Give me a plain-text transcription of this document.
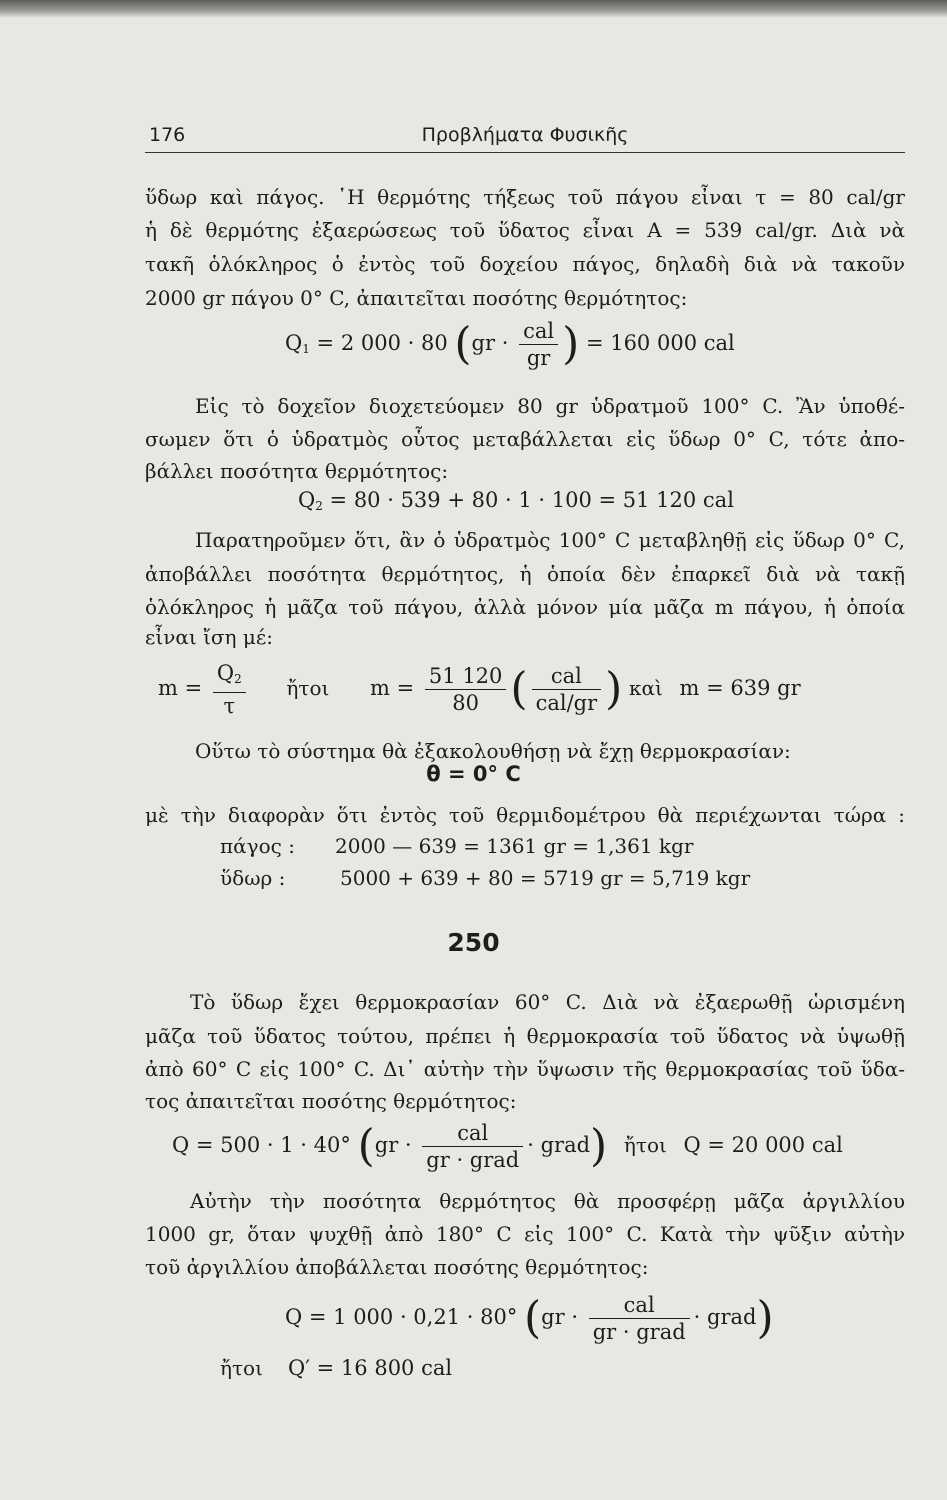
176	Προβλήματα Φυσικῆς
ὕδωρ καὶ πάγος. ῾Η θερμότης τήξεως τοῦ πάγου εἶναι τ = 80 cal/gr
ἡ δὲ θερμότης ἐξαερώσεως τοῦ ὕδατος εἶναι Α = 539 cal/gr. Διὰ νὰ
τακῆ ὁλόκληρος ὁ ἐντὸς τοῦ δοχείου πάγος, δηλαδὴ διὰ νὰ τακοῦν
2000 gr πάγου 0° C, ἀπαιτεῖται ποσότης θερμότητος:
$Q_1 = 2$ 000 · 80 ($gr \cdot \frac{\text{cal}}{gr}$ ) = 160 000 cal
Εἰς τὸ δοχεῖον διοχετεύομεν 80 gr ὑδρατμοῦ 100° C. Ἂν ὑποθέ-
σωμεν ὅτι ὁ ὑδρατμὸς οὗτος μεταβάλλεται εἰς ὕδωρ 0° C, τότε ἀπο-
βάλλει ποσότητα θερμότητος:
$Q_2 = 80 \cdot 539 + 80 \cdot 1 \cdot 100 = 51$ 120 cal
Παρατηροῦμεν ὅτι, ἂν ὁ ὑδρατμὸς 100° C μεταβληθῇ εἰς ὕδωρ 0° C,
ἀποβάλλει ποσότητα θερμότητος, ἡ ὁποία δὲν ἐπαρκεῖ διὰ νὰ τακῇ
ὁλόκληρος ἡ μᾶζα τοῦ πάγου, ἀλλὰ μόνον μία μᾶζα m πάγου, ἡ ὁποία
εἶναι ἴση μέ:
$m = \frac{Q_2}{\tau}$ ἤτοι $m = \frac{51 120}{80}$ ( $\frac{\text{cal}}{\text{cal/gr}}$ ) καὶ m = 639 gr
Οὕτω τὸ σύστημα θὰ ἐξακολουθήσῃ νὰ ἔχῃ θερμοκρασίαν:
θ = 0° C
μὲ τὴν διαφορὰν ὅτι ἐντὸς τοῦ θερμιδομέτρου θὰ περιέχωνται τώρα :
πάγος : 2000 — 639 = 1361 gr = 1,361 kgr
ὕδωρ :	5000 + 639 + 80 = 5719 gr = 5,719 kgr
250
Τὸ ὕδωρ ἔχει θερμοκρασίαν 60° C. Διὰ νὰ ἐξαερωθῇ ὡρισμένη
μᾶζα τοῦ ὕδατος τούτου, πρέπει ἡ θερμοκρασία τοῦ ὕδατος νὰ ὑψωθῇ
ἀπὸ 60° C εἰς 100° C. Δι᾽ αὐτὴν τὴν ὕψωσιν τῆς θερμοκρασίας τοῦ ὕδα-
τος ἀπαιτεῖται ποσότης θερμότητος:
Q = 500 · 1 · 40° ($gr \cdot \frac{\text{cal}}{\text{gr · grad}}$ · grad) ἤτοι Q = 20 000 cal
Αὐτὴν τὴν ποσότητα θερμότητος θὰ προσφέρῃ μᾶζα ἀργιλλίου
1000 gr, ὅταν ψυχθῇ ἀπὸ 180° C εἰς 100° C. Κατὰ τὴν ψῦξιν αὐτὴν
τοῦ ἀργιλλίου ἀποβάλλεται ποσότης θερμότητος:
Q = 1 000 · 0,21 · 80° ($gr \cdot \frac{\text{cal}}{\text{gr · grad}}$ · grad)
ἤτοι Q′ = 16 800 cal
